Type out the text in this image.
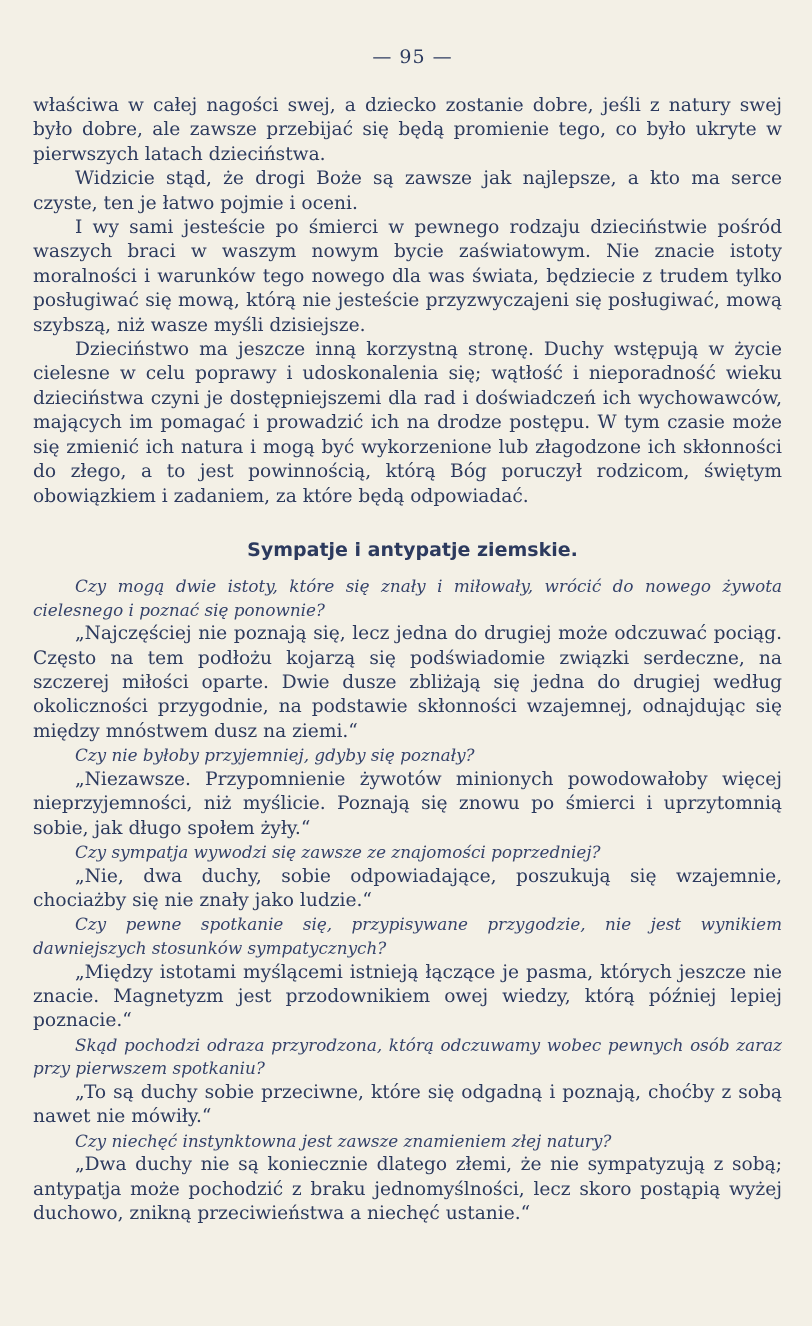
— 95 —

właściwa w całej nagości swej, a dziecko zostanie dobre, jeśli z natury swej było dobre, ale zawsze przebijać się będą promienie tego, co było ukryte w pierwszych latach dzieciństwa.

Widzicie stąd, że drogi Boże są zawsze jak najlepsze, a kto ma serce czyste, ten je łatwo pojmie i oceni.

I wy sami jesteście po śmierci w pewnego rodzaju dzieciństwie pośród waszych braci w waszym nowym bycie zaświatowym. Nie znacie istoty moralności i warunków tego nowego dla was świata, będziecie z trudem tylko posługiwać się mową, którą nie jesteście przyzwyczajeni się posługiwać, mową szybszą, niż wasze myśli dzisiejsze.

Dzieciństwo ma jeszcze inną korzystną stronę. Duchy wstępują w życie cielesne w celu poprawy i udoskonalenia się; wątłość i nieporadność wieku dzieciństwa czyni je dostępniejszemi dla rad i doświadczeń ich wychowawców, mających im pomagać i prowadzić ich na drodze postępu. W tym czasie może się zmienić ich natura i mogą być wykorzenione lub złagodzone ich skłonności do złego, a to jest powinnością, którą Bóg poruczył rodzicom, świętym obowiązkiem i zadaniem, za które będą odpowiadać.

Sympatje i antypatje ziemskie.

Czy mogą dwie istoty, które się znały i miłowały, wrócić do nowego żywota cielesnego i poznać się ponownie?

„Najczęściej nie poznają się, lecz jedna do drugiej może odczuwać pociąg. Często na tem podłożu kojarzą się podświadomie związki serdeczne, na szczerej miłości oparte. Dwie dusze zbliżają się jedna do drugiej według okoliczności przygodnie, na podstawie skłonności wzajemnej, odnajdując się między mnóstwem dusz na ziemi.“

Czy nie byłoby przyjemniej, gdyby się poznały?

„Niezawsze. Przypomnienie żywotów minionych powodowałoby więcej nieprzyjemności, niż myślicie. Poznają się znowu po śmierci i uprzytomnią sobie, jak długo społem żyły.“

Czy sympatja wywodzi się zawsze ze znajomości poprzedniej?

„Nie, dwa duchy, sobie odpowiadające, poszukują się wzajemnie, chociażby się nie znały jako ludzie.“

Czy pewne spotkanie się, przypisywane przygodzie, nie jest wynikiem dawniejszych stosunków sympatycznych?

„Między istotami myślącemi istnieją łączące je pasma, których jeszcze nie znacie. Magnetyzm jest przodownikiem owej wiedzy, którą później lepiej poznacie.“

Skąd pochodzi odraza przyrodzona, którą odczuwamy wobec pewnych osób zaraz przy pierwszem spotkaniu?

„To są duchy sobie przeciwne, które się odgadną i poznają, choćby z sobą nawet nie mówiły.“

Czy niechęć instynktowna jest zawsze znamieniem złej natury?

„Dwa duchy nie są koniecznie dlatego złemi, że nie sympatyzują z sobą; antypatja może pochodzić z braku jednomyślności, lecz skoro postąpią wyżej duchowo, znikną przeciwieństwa a niechęć ustanie.“
